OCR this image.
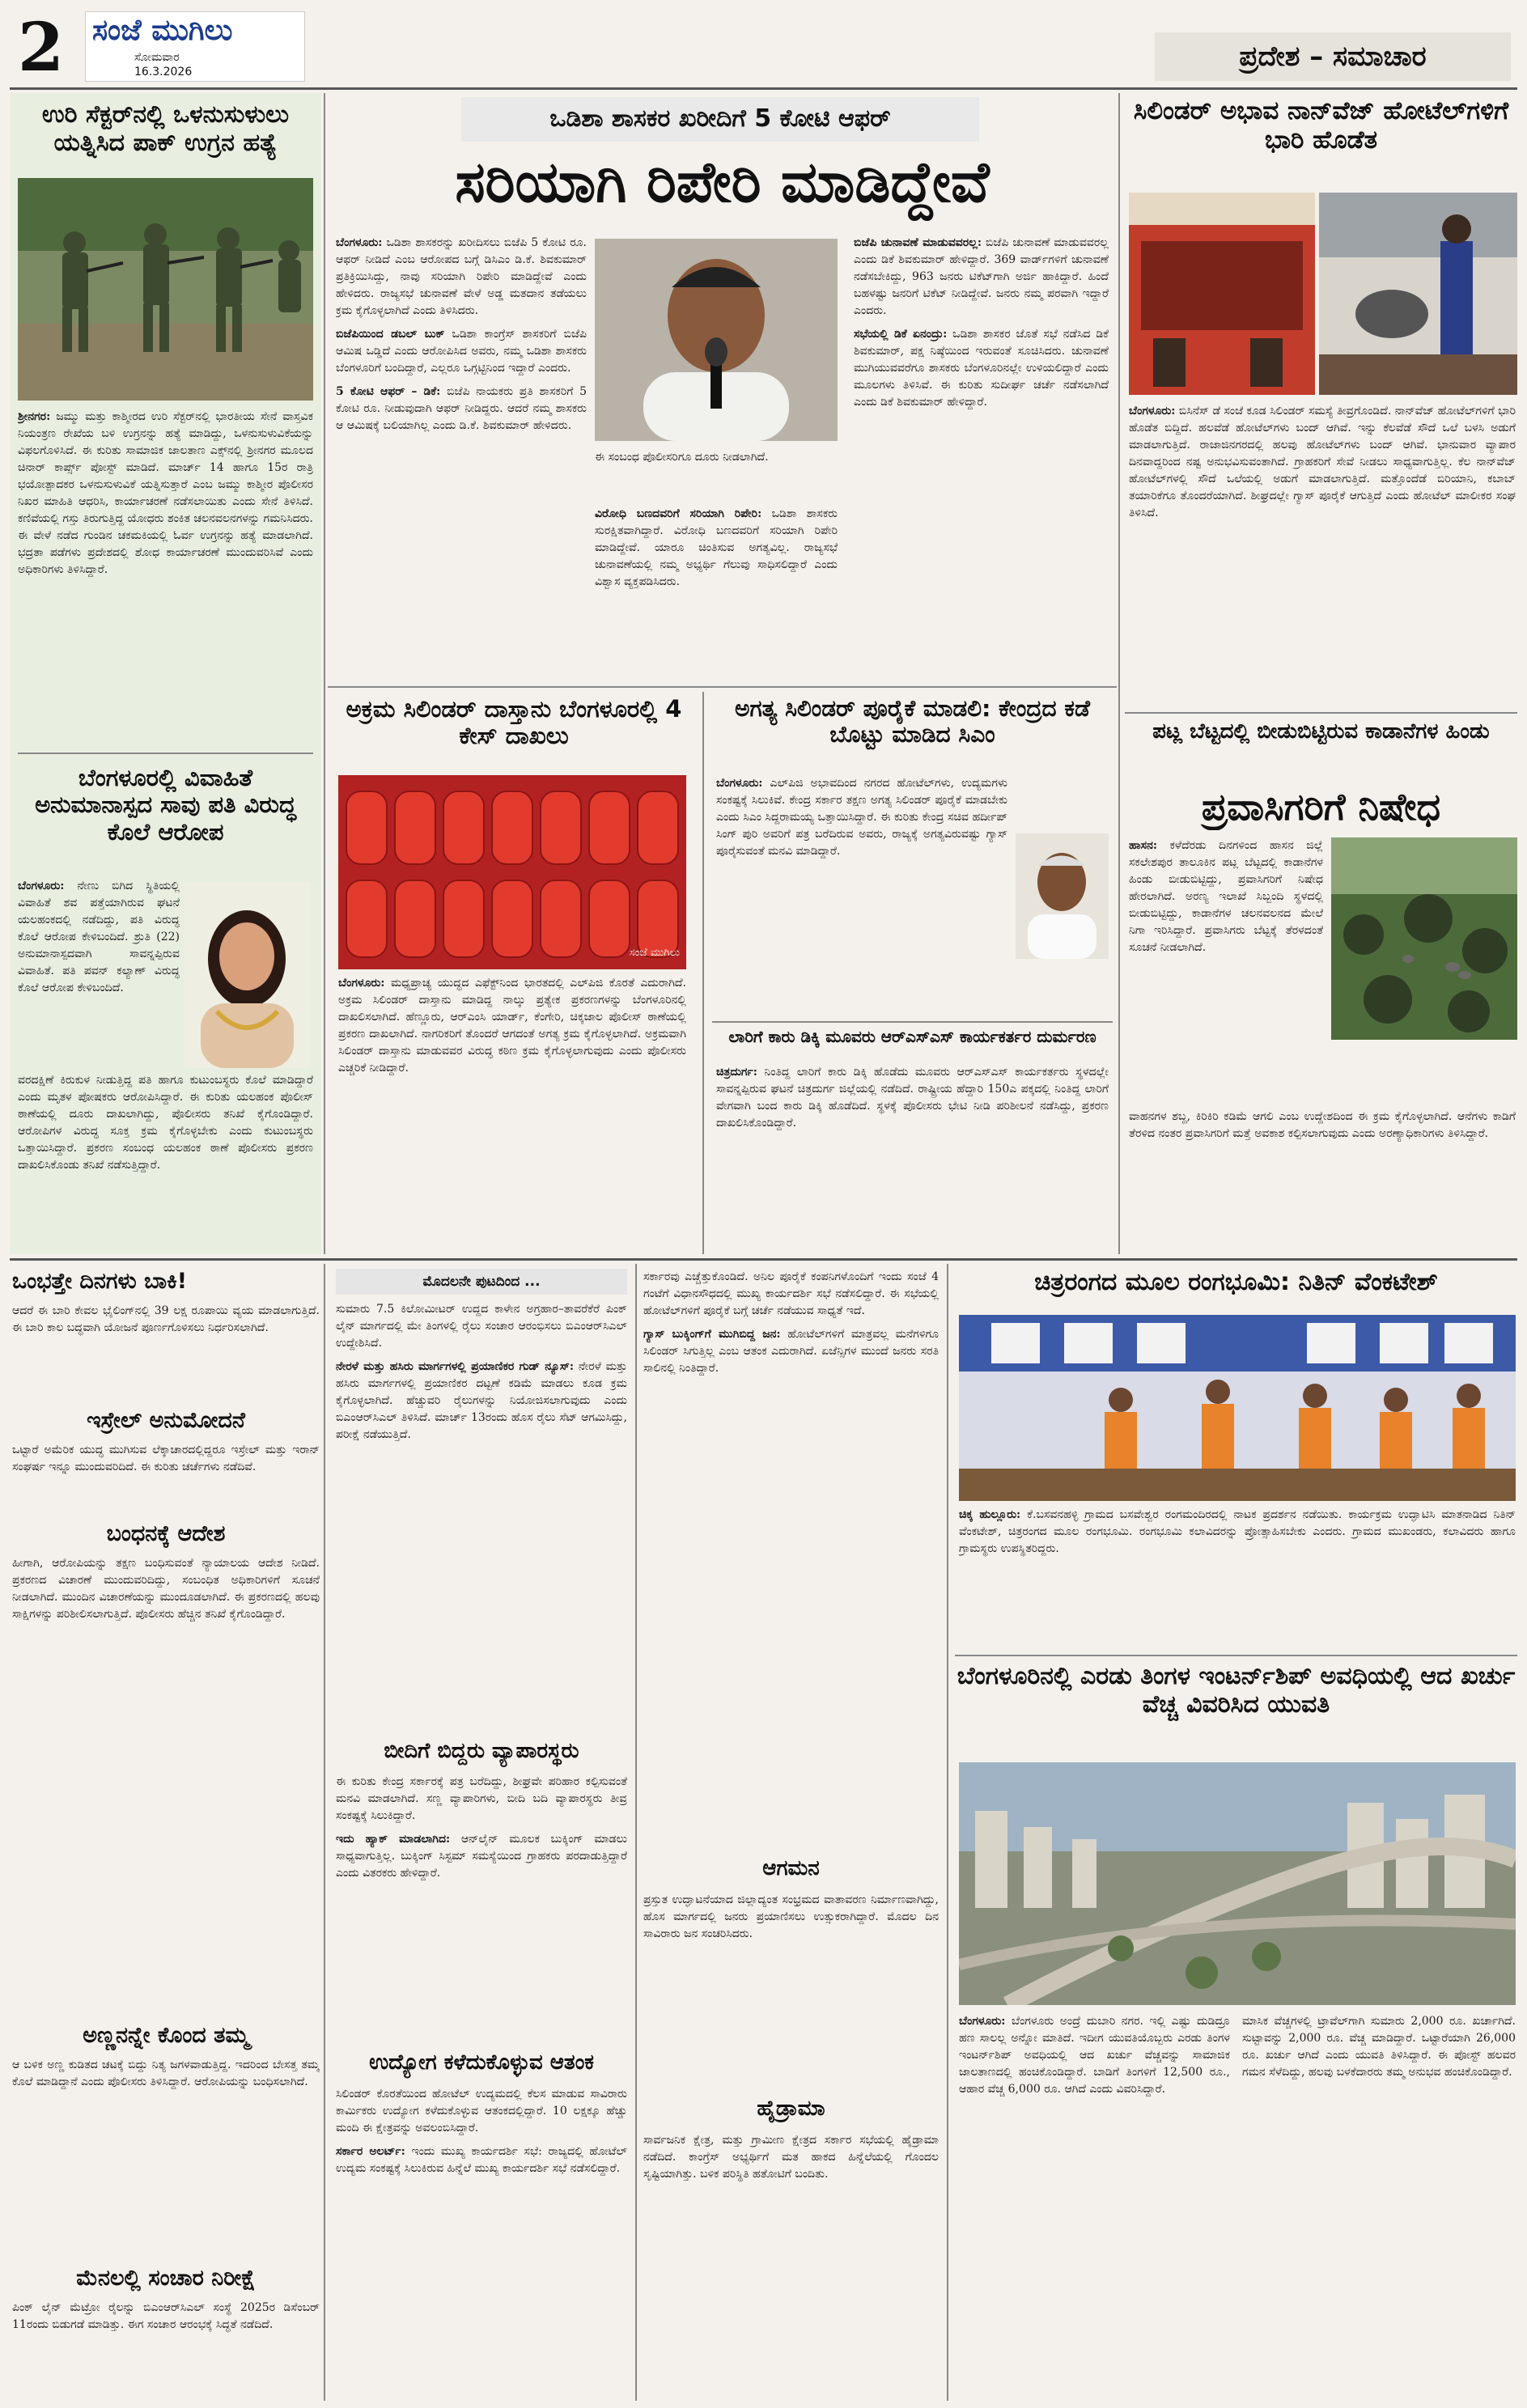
2 ಸಂಜೆ ಮುಗಿಲು
ಸೋಮವಾರ
16.3.2026	ಪ್ರದೇಶ – ಸಮಾಚಾರ
ಉರಿ ಸೆಕ್ಟರ್‌ನಲ್ಲಿ ಒಳನುಸುಳುಲು ಯತ್ನಿಸಿದ ಪಾಕ್ ಉಗ್ರನ ಹತ್ಯೆ
ಶ್ರೀನಗರ: ಜಮ್ಮು ಮತ್ತು ಕಾಶ್ಮೀರದ ಉರಿ ಸೆಕ್ಟರ್‌ನಲ್ಲಿ ಭಾರತೀಯ ಸೇನೆ ವಾಸ್ತವಿಕ ನಿಯಂತ್ರಣ ರೇಖೆಯ ಬಳಿ ಉಗ್ರನನ್ನು ಹತ್ಯೆ ಮಾಡಿದ್ದು, ಒಳನುಸುಳುವಿಕೆಯನ್ನು ವಿಫಲಗೊಳಿಸಿದೆ. ಈ ಕುರಿತು ಸಾಮಾಜಿಕ ಜಾಲತಾಣ ಎಕ್ಸ್‌ನಲ್ಲಿ ಶ್ರೀನಗರ ಮೂಲದ ಚಿನಾರ್ ಕಾರ್ಪ್ಸ್ ಪೋಸ್ಟ್ ಮಾಡಿದೆ. ಮಾರ್ಚ್ 14 ಹಾಗೂ 15ರ ರಾತ್ರಿ ಭಯೋತ್ಪಾದಕರ ಒಳನುಸುಳುವಿಕೆ ಯತ್ನಿಸುತ್ತಾರೆ ಎಂಬ ಜಮ್ಮು ಕಾಶ್ಮೀರ ಪೊಲೀಸರ ನಿಖರ ಮಾಹಿತಿ ಆಧರಿಸಿ, ಕಾರ್ಯಾಚರಣೆ ನಡೆಸಲಾಯಿತು ಎಂದು ಸೇನೆ ತಿಳಿಸಿದೆ. ಕಣಿವೆಯಲ್ಲಿ ಗಸ್ತು ತಿರುಗುತ್ತಿದ್ದ ಯೋಧರು ಶಂಕಿತ ಚಲನವಲನಗಳನ್ನು ಗಮನಿಸಿದರು. ಈ ವೇಳೆ ನಡೆದ ಗುಂಡಿನ ಚಕಮಕಿಯಲ್ಲಿ ಓರ್ವ ಉಗ್ರನನ್ನು ಹತ್ಯೆ ಮಾಡಲಾಗಿದೆ. ಭದ್ರತಾ ಪಡೆಗಳು ಪ್ರದೇಶದಲ್ಲಿ ಶೋಧ ಕಾರ್ಯಾಚರಣೆ ಮುಂದುವರಿಸಿವೆ ಎಂದು ಅಧಿಕಾರಿಗಳು ತಿಳಿಸಿದ್ದಾರೆ.
ಬೆಂಗಳೂರಲ್ಲಿ ವಿವಾಹಿತೆ ಅನುಮಾನಾಸ್ಪದ ಸಾವು ಪತಿ ವಿರುದ್ಧ ಕೊಲೆ ಆರೋಪ
ಬೆಂಗಳೂರು: ನೇಣು ಬಿಗಿದ ಸ್ಥಿತಿಯಲ್ಲಿ ವಿವಾಹಿತೆ ಶವ ಪತ್ತೆಯಾಗಿರುವ ಘಟನೆ ಯಲಹಂಕದಲ್ಲಿ ನಡೆದಿದ್ದು, ಪತಿ ವಿರುದ್ಧ ಕೊಲೆ ಆರೋಪ ಕೇಳಿಬಂದಿದೆ. ಶ್ರುತಿ (22) ಅನುಮಾನಾಸ್ಪದವಾಗಿ ಸಾವನ್ನಪ್ಪಿರುವ ವಿವಾಹಿತೆ. ಪತಿ ಪವನ್ ಕಲ್ಯಾಣ್ ವಿರುದ್ಧ ಕೊಲೆ ಆರೋಪ ಕೇಳಿಬಂದಿದೆ.
ವರದಕ್ಷಿಣೆ ಕಿರುಕುಳ ನೀಡುತ್ತಿದ್ದ ಪತಿ ಹಾಗೂ ಕುಟುಂಬಸ್ಥರು ಕೊಲೆ ಮಾಡಿದ್ದಾರೆ ಎಂದು ಮೃತಳ ಪೋಷಕರು ಆರೋಪಿಸಿದ್ದಾರೆ. ಈ ಕುರಿತು ಯಲಹಂಕ ಪೊಲೀಸ್ ಠಾಣೆಯಲ್ಲಿ ದೂರು ದಾಖಲಾಗಿದ್ದು, ಪೊಲೀಸರು ತನಿಖೆ ಕೈಗೊಂಡಿದ್ದಾರೆ. ಆರೋಪಿಗಳ ವಿರುದ್ಧ ಸೂಕ್ತ ಕ್ರಮ ಕೈಗೊಳ್ಳಬೇಕು ಎಂದು ಕುಟುಂಬಸ್ಥರು ಒತ್ತಾಯಿಸಿದ್ದಾರೆ. ಪ್ರಕರಣ ಸಂಬಂಧ ಯಲಹಂಕ ಠಾಣೆ ಪೊಲೀಸರು ಪ್ರಕರಣ ದಾಖಲಿಸಿಕೊಂಡು ತನಿಖೆ ನಡೆಸುತ್ತಿದ್ದಾರೆ.
ಒಡಿಶಾ ಶಾಸಕರ ಖರೀದಿಗೆ 5 ಕೋಟಿ ಆಫರ್
ಸರಿಯಾಗಿ ರಿಪೇರಿ ಮಾಡಿದ್ದೇವೆ

ಬೆಂಗಳೂರು: ಒಡಿಶಾ ಶಾಸಕರನ್ನು ಖರೀದಿಸಲು ಬಿಜೆಪಿ 5 ಕೋಟಿ ರೂ. ಆಫರ್ ನೀಡಿದೆ ಎಂಬ ಆರೋಪದ ಬಗ್ಗೆ ಡಿಸಿಎಂ ಡಿ.ಕೆ. ಶಿವಕುಮಾರ್ ಪ್ರತಿಕ್ರಿಯಿಸಿದ್ದು, ನಾವು ಸರಿಯಾಗಿ ರಿಪೇರಿ ಮಾಡಿದ್ದೇವೆ ಎಂದು ಹೇಳಿದರು. ರಾಜ್ಯಸಭೆ ಚುನಾವಣೆ ವೇಳೆ ಅಡ್ಡ ಮತದಾನ ತಡೆಯಲು ಕ್ರಮ ಕೈಗೊಳ್ಳಲಾಗಿದೆ ಎಂದು ತಿಳಿಸಿದರು.

ಬಿಜೆಪಿಯಿಂದ ಡಬಲ್ ಬುಕ್ ಒಡಿಶಾ ಕಾಂಗ್ರೆಸ್ ಶಾಸಕರಿಗೆ ಬಿಜೆಪಿ ಆಮಿಷ ಒಡ್ಡಿದೆ ಎಂದು ಆರೋಪಿಸಿದ ಅವರು, ನಮ್ಮ ಒಡಿಶಾ ಶಾಸಕರು ಬೆಂಗಳೂರಿಗೆ ಬಂದಿದ್ದಾರೆ, ಎಲ್ಲರೂ ಒಗ್ಗಟ್ಟಿನಿಂದ ಇದ್ದಾರೆ ಎಂದರು.

5 ಕೋಟಿ ಆಫರ್ – ಡಿಕೆ: ಬಿಜೆಪಿ ನಾಯಕರು ಪ್ರತಿ ಶಾಸಕರಿಗೆ 5 ಕೋಟಿ ರೂ. ನೀಡುವುದಾಗಿ ಆಫರ್ ನೀಡಿದ್ದರು. ಆದರೆ ನಮ್ಮ ಶಾಸಕರು ಆ ಆಮಿಷಕ್ಕೆ ಬಲಿಯಾಗಿಲ್ಲ ಎಂದು ಡಿ.ಕೆ. ಶಿವಕುಮಾರ್ ಹೇಳಿದರು.

ಈ ಸಂಬಂಧ ಪೊಲೀಸರಿಗೂ ದೂರು ನೀಡಲಾಗಿದೆ.
ವಿರೋಧಿ ಬಣದವರಿಗೆ ಸರಿಯಾಗಿ ರಿಪೇರಿ: ಒಡಿಶಾ ಶಾಸಕರು ಸುರಕ್ಷಿತವಾಗಿದ್ದಾರೆ. ವಿರೋಧಿ ಬಣದವರಿಗೆ ಸರಿಯಾಗಿ ರಿಪೇರಿ ಮಾಡಿದ್ದೇವೆ. ಯಾರೂ ಚಿಂತಿಸುವ ಅಗತ್ಯವಿಲ್ಲ. ರಾಜ್ಯಸಭೆ ಚುನಾವಣೆಯಲ್ಲಿ ನಮ್ಮ ಅಭ್ಯರ್ಥಿ ಗೆಲುವು ಸಾಧಿಸಲಿದ್ದಾರೆ ಎಂದು ವಿಶ್ವಾಸ ವ್ಯಕ್ತಪಡಿಸಿದರು.

ಬಿಜೆಪಿ ಚುನಾವಣೆ ಮಾಡುವವರಲ್ಲ: ಬಿಜೆಪಿ ಚುನಾವಣೆ ಮಾಡುವವರಲ್ಲ ಎಂದು ಡಿಕೆ ಶಿವಕುಮಾರ್ ಹೇಳಿದ್ದಾರೆ. 369 ವಾರ್ಡ್‌ಗಳಿಗೆ ಚುನಾವಣೆ ನಡೆಸಬೇಕಿದ್ದು, 963 ಜನರು ಟಿಕೆಟ್‌ಗಾಗಿ ಅರ್ಜಿ ಹಾಕಿದ್ದಾರೆ. ಹಿಂದೆ ಬಹಳಷ್ಟು ಜನರಿಗೆ ಟಿಕೆಟ್ ನೀಡಿದ್ದೇವೆ. ಜನರು ನಮ್ಮ ಪರವಾಗಿ ಇದ್ದಾರೆ ಎಂದರು.

ಸಭೆಯಲ್ಲಿ ಡಿಕೆ ಏನಂದ್ರು: ಒಡಿಶಾ ಶಾಸಕರ ಜೊತೆ ಸಭೆ ನಡೆಸಿದ ಡಿಕೆ ಶಿವಕುಮಾರ್, ಪಕ್ಷ ನಿಷ್ಠೆಯಿಂದ ಇರುವಂತೆ ಸೂಚಿಸಿದರು. ಚುನಾವಣೆ ಮುಗಿಯುವವರೆಗೂ ಶಾಸಕರು ಬೆಂಗಳೂರಿನಲ್ಲೇ ಉಳಿಯಲಿದ್ದಾರೆ ಎಂದು ಮೂಲಗಳು ತಿಳಿಸಿವೆ. ಈ ಕುರಿತು ಸುದೀರ್ಘ ಚರ್ಚೆ ನಡೆಸಲಾಗಿದೆ ಎಂದು ಡಿಕೆ ಶಿವಕುಮಾರ್ ಹೇಳಿದ್ದಾರೆ.

ಅಕ್ರಮ ಸಿಲಿಂಡರ್ ದಾಸ್ತಾನು ಬೆಂಗಳೂರಲ್ಲಿ 4 ಕೇಸ್ ದಾಖಲು
ಸಂಜೆ ಮುಗಿಲು
ಬೆಂಗಳೂರು: ಮಧ್ಯಪ್ರಾಚ್ಯ ಯುದ್ಧದ ಎಫೆಕ್ಟ್‌ನಿಂದ ಭಾರತದಲ್ಲಿ ಎಲ್‌ಪಿಜಿ ಕೊರತೆ ಎದುರಾಗಿದೆ. ಅಕ್ರಮ ಸಿಲಿಂಡರ್ ದಾಸ್ತಾನು ಮಾಡಿದ್ದ ನಾಲ್ಕು ಪ್ರತ್ಯೇಕ ಪ್ರಕರಣಗಳನ್ನು ಬೆಂಗಳೂರಿನಲ್ಲಿ ದಾಖಲಿಸಲಾಗಿದೆ. ಹೆಣ್ಣೂರು, ಆರ್‌ಎಂಸಿ ಯಾರ್ಡ್, ಕೆಂಗೇರಿ, ಚಿಕ್ಕಜಾಲ ಪೊಲೀಸ್ ಠಾಣೆಯಲ್ಲಿ ಪ್ರಕರಣ ದಾಖಲಾಗಿದೆ. ನಾಗರಿಕರಿಗೆ ತೊಂದರೆ ಆಗದಂತೆ ಅಗತ್ಯ ಕ್ರಮ ಕೈಗೊಳ್ಳಲಾಗಿದೆ. ಅಕ್ರಮವಾಗಿ ಸಿಲಿಂಡರ್ ದಾಸ್ತಾನು ಮಾಡುವವರ ವಿರುದ್ಧ ಕಠಿಣ ಕ್ರಮ ಕೈಗೊಳ್ಳಲಾಗುವುದು ಎಂದು ಪೊಲೀಸರು ಎಚ್ಚರಿಕೆ ನೀಡಿದ್ದಾರೆ.
ಅಗತ್ಯ ಸಿಲಿಂಡರ್ ಪೂರೈಕೆ ಮಾಡಲಿ: ಕೇಂದ್ರದ ಕಡೆ ಬೊಟ್ಟು ಮಾಡಿದ ಸಿಎಂ
ಬೆಂಗಳೂರು: ಎಲ್‌ಪಿಜಿ ಅಭಾವದಿಂದ ನಗರದ ಹೋಟೆಲ್‌ಗಳು, ಉದ್ಯಮಗಳು ಸಂಕಷ್ಟಕ್ಕೆ ಸಿಲುಕಿವೆ. ಕೇಂದ್ರ ಸರ್ಕಾರ ತಕ್ಷಣ ಅಗತ್ಯ ಸಿಲಿಂಡರ್ ಪೂರೈಕೆ ಮಾಡಬೇಕು ಎಂದು ಸಿಎಂ ಸಿದ್ದರಾಮಯ್ಯ ಒತ್ತಾಯಿಸಿದ್ದಾರೆ. ಈ ಕುರಿತು ಕೇಂದ್ರ ಸಚಿವ ಹರ್ದೀಪ್ ಸಿಂಗ್ ಪುರಿ ಅವರಿಗೆ ಪತ್ರ ಬರೆದಿರುವ ಅವರು, ರಾಜ್ಯಕ್ಕೆ ಅಗತ್ಯವಿರುವಷ್ಟು ಗ್ಯಾಸ್ ಪೂರೈಸುವಂತೆ ಮನವಿ ಮಾಡಿದ್ದಾರೆ.
ಲಾರಿಗೆ ಕಾರು ಡಿಕ್ಕಿ ಮೂವರು ಆರ್‌ಎಸ್‌ಎಸ್ ಕಾರ್ಯಕರ್ತರ ದುರ್ಮರಣ
ಚಿತ್ರದುರ್ಗ: ನಿಂತಿದ್ದ ಲಾರಿಗೆ ಕಾರು ಡಿಕ್ಕಿ ಹೊಡೆದು ಮೂವರು ಆರ್‌ಎಸ್‌ಎಸ್ ಕಾರ್ಯಕರ್ತರು ಸ್ಥಳದಲ್ಲೇ ಸಾವನ್ನಪ್ಪಿರುವ ಘಟನೆ ಚಿತ್ರದುರ್ಗ ಜಿಲ್ಲೆಯಲ್ಲಿ ನಡೆದಿದೆ. ರಾಷ್ಟ್ರೀಯ ಹೆದ್ದಾರಿ 150ಎ ಪಕ್ಕದಲ್ಲಿ ನಿಂತಿದ್ದ ಲಾರಿಗೆ ವೇಗವಾಗಿ ಬಂದ ಕಾರು ಡಿಕ್ಕಿ ಹೊಡೆದಿದೆ. ಸ್ಥಳಕ್ಕೆ ಪೊಲೀಸರು ಭೇಟಿ ನೀಡಿ ಪರಿಶೀಲನೆ ನಡೆಸಿದ್ದು, ಪ್ರಕರಣ ದಾಖಲಿಸಿಕೊಂಡಿದ್ದಾರೆ.
ಸಿಲಿಂಡರ್ ಅಭಾವ ನಾನ್‌ವೆಜ್ ಹೋಟೆಲ್‌ಗಳಿಗೆ ಭಾರಿ ಹೊಡೆತ
ಬೆಂಗಳೂರು: ಬಿಸಿನೆಸ್ ಡೆ ಸಂಜೆ ಕೂಡ ಸಿಲಿಂಡರ್ ಸಮಸ್ಯೆ ತೀವ್ರಗೊಂಡಿದೆ. ನಾನ್‌ವೆಜ್ ಹೋಟೆಲ್‌ಗಳಿಗೆ ಭಾರಿ ಹೊಡೆತ ಬಿದ್ದಿದೆ. ಹಲವೆಡೆ ಹೋಟೆಲ್‌ಗಳು ಬಂದ್ ಆಗಿವೆ. ಇನ್ನು ಕೆಲವೆಡೆ ಸೌದೆ ಒಲೆ ಬಳಸಿ ಅಡುಗೆ ಮಾಡಲಾಗುತ್ತಿದೆ. ರಾಜಾಜಿನಗರದಲ್ಲಿ ಹಲವು ಹೋಟೆಲ್‌ಗಳು ಬಂದ್ ಆಗಿವೆ. ಭಾನುವಾರ ವ್ಯಾಪಾರ ದಿನವಾದ್ದರಿಂದ ನಷ್ಟ ಅನುಭವಿಸುವಂತಾಗಿದೆ. ಗ್ರಾಹಕರಿಗೆ ಸೇವೆ ನೀಡಲು ಸಾಧ್ಯವಾಗುತ್ತಿಲ್ಲ. ಕೆಲ ನಾನ್‌ವೆಜ್ ಹೋಟೆಲ್‌ಗಳಲ್ಲಿ ಸೌದೆ ಒಲೆಯಲ್ಲಿ ಅಡುಗೆ ಮಾಡಲಾಗುತ್ತಿದೆ. ಮತ್ತೊಂದೆಡೆ ಬಿರಿಯಾನಿ, ಕಬಾಬ್ ತಯಾರಿಕೆಗೂ ತೊಂದರೆಯಾಗಿದೆ. ಶೀಘ್ರದಲ್ಲೇ ಗ್ಯಾಸ್ ಪೂರೈಕೆ ಆಗುತ್ತಿದೆ ಎಂದು ಹೋಟೆಲ್ ಮಾಲೀಕರ ಸಂಘ ತಿಳಿಸಿದೆ.
ಪಟ್ಲ ಬೆಟ್ಟದಲ್ಲಿ ಬೀಡುಬಿಟ್ಟಿರುವ ಕಾಡಾನೆಗಳ ಹಿಂಡು
ಪ್ರವಾಸಿಗರಿಗೆ ನಿಷೇಧ
ಹಾಸನ: ಕಳೆದೆರಡು ದಿನಗಳಿಂದ ಹಾಸನ ಜಿಲ್ಲೆ ಸಕಲೇಶಪುರ ತಾಲೂಕಿನ ಪಟ್ಲ ಬೆಟ್ಟದಲ್ಲಿ ಕಾಡಾನೆಗಳ ಹಿಂಡು ಬೀಡುಬಿಟ್ಟಿದ್ದು, ಪ್ರವಾಸಿಗರಿಗೆ ನಿಷೇಧ ಹೇರಲಾಗಿದೆ. ಅರಣ್ಯ ಇಲಾಖೆ ಸಿಬ್ಬಂದಿ ಸ್ಥಳದಲ್ಲಿ ಬೀಡುಬಿಟ್ಟಿದ್ದು, ಕಾಡಾನೆಗಳ ಚಲನವಲನದ ಮೇಲೆ ನಿಗಾ ಇರಿಸಿದ್ದಾರೆ. ಪ್ರವಾಸಿಗರು ಬೆಟ್ಟಕ್ಕೆ ತೆರಳದಂತೆ ಸೂಚನೆ ನೀಡಲಾಗಿದೆ.
ವಾಹನಗಳ ಶಬ್ದ, ಕಿರಿಕಿರಿ ಕಡಿಮೆ ಆಗಲಿ ಎಂಬ ಉದ್ದೇಶದಿಂದ ಈ ಕ್ರಮ ಕೈಗೊಳ್ಳಲಾಗಿದೆ. ಆನೆಗಳು ಕಾಡಿಗೆ ತೆರಳಿದ ನಂತರ ಪ್ರವಾಸಿಗರಿಗೆ ಮತ್ತೆ ಅವಕಾಶ ಕಲ್ಪಿಸಲಾಗುವುದು ಎಂದು ಅರಣ್ಯಾಧಿಕಾರಿಗಳು ತಿಳಿಸಿದ್ದಾರೆ.
ಒಂಭತ್ತೇ ದಿನಗಳು ಬಾಕಿ!
ಆದರೆ ಈ ಬಾರಿ ಕೇವಲ ಭೈಲಿಂಗ್‌ನಲ್ಲಿ 39 ಲಕ್ಷ ರೂಪಾಯಿ ವ್ಯಯ ಮಾಡಲಾಗುತ್ತಿದೆ. ಈ ಬಾರಿ ಕಾಲ ಬದ್ಧವಾಗಿ ಯೋಜನೆ ಪೂರ್ಣಗೊಳಿಸಲು ನಿರ್ಧರಿಸಲಾಗಿದೆ.
ಇಸ್ರೇಲ್ ಅನುಮೋದನೆ
ಒಟ್ಟಾರೆ ಅಮೆರಿಕ ಯುದ್ಧ ಮುಗಿಸುವ ಲೆಕ್ಕಾಚಾರದಲ್ಲಿದ್ದರೂ ಇಸ್ರೇಲ್ ಮತ್ತು ಇರಾನ್ ಸಂಘರ್ಷ ಇನ್ನೂ ಮುಂದುವರಿದಿದೆ. ಈ ಕುರಿತು ಚರ್ಚೆಗಳು ನಡೆದಿವೆ.
ಬಂಧನಕ್ಕೆ ಆದೇಶ
ಹೀಗಾಗಿ, ಆರೋಪಿಯನ್ನು ತಕ್ಷಣ ಬಂಧಿಸುವಂತೆ ನ್ಯಾಯಾಲಯ ಆದೇಶ ನೀಡಿದೆ. ಪ್ರಕರಣದ ವಿಚಾರಣೆ ಮುಂದುವರಿದಿದ್ದು, ಸಂಬಂಧಿತ ಅಧಿಕಾರಿಗಳಿಗೆ ಸೂಚನೆ ನೀಡಲಾಗಿದೆ. ಮುಂದಿನ ವಿಚಾರಣೆಯನ್ನು ಮುಂದೂಡಲಾಗಿದೆ. ಈ ಪ್ರಕರಣದಲ್ಲಿ ಹಲವು ಸಾಕ್ಷಿಗಳನ್ನು ಪರಿಶೀಲಿಸಲಾಗುತ್ತಿದೆ. ಪೊಲೀಸರು ಹೆಚ್ಚಿನ ತನಿಖೆ ಕೈಗೊಂಡಿದ್ದಾರೆ.
ಅಣ್ಣನನ್ನೇ ಕೊಂದ ತಮ್ಮ
ಆ ಬಳಿಕ ಅಣ್ಣ ಕುಡಿತದ ಚಟಕ್ಕೆ ಬಿದ್ದು ನಿತ್ಯ ಜಗಳವಾಡುತ್ತಿದ್ದ. ಇದರಿಂದ ಬೇಸತ್ತ ತಮ್ಮ ಕೊಲೆ ಮಾಡಿದ್ದಾನೆ ಎಂದು ಪೊಲೀಸರು ತಿಳಿಸಿದ್ದಾರೆ. ಆರೋಪಿಯನ್ನು ಬಂಧಿಸಲಾಗಿದೆ.
ಮೆನಲಲ್ಲಿ ಸಂಚಾರ ನಿರೀಕ್ಷೆ
ಪಿಂಕ್ ಲೈನ್ ಮೆಟ್ರೋ ರೈಲನ್ನು ಬಿಎಂಆರ್‌ಸಿಎಲ್ ಸಂಸ್ಥೆ 2025ರ ಡಿಸೆಂಬರ್ 11ರಂದು ಬಿಡುಗಡೆ ಮಾಡಿತ್ತು. ಈಗ ಸಂಚಾರ ಆರಂಭಕ್ಕೆ ಸಿದ್ಧತೆ ನಡೆದಿದೆ.
ಮೊದಲನೇ ಪುಟದಿಂದ ...

ಸುಮಾರು 7.5 ಕಿಲೋಮೀಟರ್ ಉದ್ದದ ಕಾಳೇನ ಅಗ್ರಹಾರ–ತಾವರೆಕೆರೆ ಪಿಂಕ್ ಲೈನ್ ಮಾರ್ಗದಲ್ಲಿ ಮೇ ತಿಂಗಳಲ್ಲಿ ರೈಲು ಸಂಚಾರ ಆರಂಭಿಸಲು ಬಿಎಂಆರ್‌ಸಿಎಲ್ ಉದ್ದೇಶಿಸಿದೆ.

ನೇರಳೆ ಮತ್ತು ಹಸಿರು ಮಾರ್ಗಗಳಲ್ಲಿ ಪ್ರಯಾಣಿಕರ ಗುಡ್ ನ್ಯೂಸ್: ನೇರಳೆ ಮತ್ತು ಹಸಿರು ಮಾರ್ಗಗಳಲ್ಲಿ ಪ್ರಯಾಣಿಕರ ದಟ್ಟಣೆ ಕಡಿಮೆ ಮಾಡಲು ಕೂಡ ಕ್ರಮ ಕೈಗೊಳ್ಳಲಾಗಿದೆ. ಹೆಚ್ಚುವರಿ ರೈಲುಗಳನ್ನು ನಿಯೋಜಿಸಲಾಗುವುದು ಎಂದು ಬಿಎಂಆರ್‌ಸಿಎಲ್ ತಿಳಿಸಿದೆ. ಮಾರ್ಚ್ 13ರಂದು ಹೊಸ ರೈಲು ಸೆಟ್ ಆಗಮಿಸಿದ್ದು, ಪರೀಕ್ಷೆ ನಡೆಯುತ್ತಿದೆ.

ಬೀದಿಗೆ ಬಿದ್ದರು ವ್ಯಾಪಾರಸ್ಥರು

ಈ ಕುರಿತು ಕೇಂದ್ರ ಸರ್ಕಾರಕ್ಕೆ ಪತ್ರ ಬರೆದಿದ್ದು, ಶೀಘ್ರವೇ ಪರಿಹಾರ ಕಲ್ಪಿಸುವಂತೆ ಮನವಿ ಮಾಡಲಾಗಿದೆ. ಸಣ್ಣ ವ್ಯಾಪಾರಿಗಳು, ಬೀದಿ ಬದಿ ವ್ಯಾಪಾರಸ್ಥರು ತೀವ್ರ ಸಂಕಷ್ಟಕ್ಕೆ ಸಿಲುಕಿದ್ದಾರೆ.

ಇದು ಹ್ಯಾಕ್ ಮಾಡಲಾಗಿದ: ಆನ್‌ಲೈನ್ ಮೂಲಕ ಬುಕ್ಕಿಂಗ್ ಮಾಡಲು ಸಾಧ್ಯವಾಗುತ್ತಿಲ್ಲ. ಬುಕ್ಕಿಂಗ್ ಸಿಸ್ಟಮ್ ಸಮಸ್ಯೆಯಿಂದ ಗ್ರಾಹಕರು ಪರದಾಡುತ್ತಿದ್ದಾರೆ ಎಂದು ವಿತರಕರು ಹೇಳಿದ್ದಾರೆ.

ಉದ್ಯೋಗ ಕಳೆದುಕೊಳ್ಳುವ ಆತಂಕ

ಸಿಲಿಂಡರ್ ಕೊರತೆಯಿಂದ ಹೋಟೆಲ್ ಉದ್ಯಮದಲ್ಲಿ ಕೆಲಸ ಮಾಡುವ ಸಾವಿರಾರು ಕಾರ್ಮಿಕರು ಉದ್ಯೋಗ ಕಳೆದುಕೊಳ್ಳುವ ಆತಂಕದಲ್ಲಿದ್ದಾರೆ. 10 ಲಕ್ಷಕ್ಕೂ ಹೆಚ್ಚು ಮಂದಿ ಈ ಕ್ಷೇತ್ರವನ್ನು ಅವಲಂಬಿಸಿದ್ದಾರೆ.

ಸರ್ಕಾರ ಅಲರ್ಟ್: ಇಂದು ಮುಖ್ಯ ಕಾರ್ಯದರ್ಶಿ ಸಭೆ: ರಾಜ್ಯದಲ್ಲಿ ಹೋಟೆಲ್ ಉದ್ಯಮ ಸಂಕಷ್ಟಕ್ಕೆ ಸಿಲುಕಿರುವ ಹಿನ್ನೆಲೆ ಮುಖ್ಯ ಕಾರ್ಯದರ್ಶಿ ಸಭೆ ನಡೆಸಲಿದ್ದಾರೆ.

ಸರ್ಕಾರವು ಎಚ್ಚೆತ್ತುಕೊಂಡಿದೆ. ಅನಿಲ ಪೂರೈಕೆ ಕಂಪನಿಗಳೊಂದಿಗೆ ಇಂದು ಸಂಜೆ 4 ಗಂಟೆಗೆ ವಿಧಾನಸೌಧದಲ್ಲಿ ಮುಖ್ಯ ಕಾರ್ಯದರ್ಶಿ ಸಭೆ ನಡೆಸಲಿದ್ದಾರೆ. ಈ ಸಭೆಯಲ್ಲಿ ಹೋಟೆಲ್‌ಗಳಿಗೆ ಪೂರೈಕೆ ಬಗ್ಗೆ ಚರ್ಚೆ ನಡೆಯುವ ಸಾಧ್ಯತೆ ಇದೆ.

ಗ್ಯಾಸ್ ಬುಕ್ಕಿಂಗ್‌ಗೆ ಮುಗಿಬಿದ್ದ ಜನ: ಹೋಟೆಲ್‌ಗಳಿಗೆ ಮಾತ್ರವಲ್ಲ ಮನೆಗಳಿಗೂ ಸಿಲಿಂಡರ್ ಸಿಗುತ್ತಿಲ್ಲ ಎಂಬ ಆತಂಕ ಎದುರಾಗಿದೆ. ಏಜೆನ್ಸಿಗಳ ಮುಂದೆ ಜನರು ಸರತಿ ಸಾಲಿನಲ್ಲಿ ನಿಂತಿದ್ದಾರೆ.

ಆಗಮನ
ಪ್ರಸ್ತುತ ಉದ್ಘಾಟನೆಯಾದ ಜಿಲ್ಲಾದ್ಯಂತ ಸಂಭ್ರಮದ ವಾತಾವರಣ ನಿರ್ಮಾಣವಾಗಿದ್ದು, ಹೊಸ ಮಾರ್ಗದಲ್ಲಿ ಜನರು ಪ್ರಯಾಣಿಸಲು ಉತ್ಸುಕರಾಗಿದ್ದಾರೆ. ಮೊದಲ ದಿನ ಸಾವಿರಾರು ಜನ ಸಂಚರಿಸಿದರು.
ಹೈಡ್ರಾಮಾ
ಸಾರ್ವಜನಿಕ ಕ್ಷೇತ್ರ, ಮತ್ತು ಗ್ರಾಮೀಣ ಕ್ಷೇತ್ರದ ಸರ್ಕಾರ ಸಭೆಯಲ್ಲಿ ಹೈಡ್ರಾಮಾ ನಡೆದಿದೆ. ಕಾಂಗ್ರೆಸ್ ಅಭ್ಯರ್ಥಿಗೆ ಮತ ಹಾಕದ ಹಿನ್ನೆಲೆಯಲ್ಲಿ ಗೊಂದಲ ಸೃಷ್ಟಿಯಾಗಿತ್ತು. ಬಳಿಕ ಪರಿಸ್ಥಿತಿ ಹತೋಟಿಗೆ ಬಂದಿತು.
ಚಿತ್ರರಂಗದ ಮೂಲ ರಂಗಭೂಮಿ: ನಿತಿನ್ ವೆಂಕಟೇಶ್
ಚಿಕ್ಕ ಹುಲ್ಲೂರು: ಕೆ.ಬಸವನಹಳ್ಳಿ ಗ್ರಾಮದ ಬಸವೇಶ್ವರ ರಂಗಮಂದಿರದಲ್ಲಿ ನಾಟಕ ಪ್ರದರ್ಶನ ನಡೆಯಿತು. ಕಾರ್ಯಕ್ರಮ ಉದ್ಘಾಟಿಸಿ ಮಾತನಾಡಿದ ನಿತಿನ್ ವೆಂಕಟೇಶ್, ಚಿತ್ರರಂಗದ ಮೂಲ ರಂಗಭೂಮಿ. ರಂಗಭೂಮಿ ಕಲಾವಿದರನ್ನು ಪ್ರೋತ್ಸಾಹಿಸಬೇಕು ಎಂದರು. ಗ್ರಾಮದ ಮುಖಂಡರು, ಕಲಾವಿದರು ಹಾಗೂ ಗ್ರಾಮಸ್ಥರು ಉಪಸ್ಥಿತರಿದ್ದರು.
ಬೆಂಗಳೂರಿನಲ್ಲಿ ಎರಡು ತಿಂಗಳ ಇಂಟರ್ನ್‌ಶಿಪ್ ಅವಧಿಯಲ್ಲಿ ಆದ ಖರ್ಚು ವೆಚ್ಚ ವಿವರಿಸಿದ ಯುವತಿ
ಬೆಂಗಳೂರು: ಬೆಂಗಳೂರು ಅಂದ್ರೆ ದುಬಾರಿ ನಗರ. ಇಲ್ಲಿ ಎಷ್ಟು ದುಡಿದ್ರೂ ಹಣ ಸಾಲಲ್ಲ ಅನ್ನೋ ಮಾತಿದೆ. ಇದೀಗ ಯುವತಿಯೊಬ್ಬರು ಎರಡು ತಿಂಗಳ ಇಂಟರ್ನ್‌ಶಿಪ್ ಅವಧಿಯಲ್ಲಿ ಆದ ಖರ್ಚು ವೆಚ್ಚವನ್ನು ಸಾಮಾಜಿಕ ಜಾಲತಾಣದಲ್ಲಿ ಹಂಚಿಕೊಂಡಿದ್ದಾರೆ. ಬಾಡಿಗೆ ತಿಂಗಳಿಗೆ 12,500 ರೂ., ಆಹಾರ ವೆಚ್ಚ 6,000 ರೂ. ಆಗಿದೆ ಎಂದು ವಿವರಿಸಿದ್ದಾರೆ.
ಮಾಸಿಕ ವೆಚ್ಚಗಳಲ್ಲಿ ಟ್ರಾವೆಲ್‌ಗಾಗಿ ಸುಮಾರು 2,000 ರೂ. ಖರ್ಚಾಗಿದೆ. ಸುಟ್ಟಾವನ್ನು 2,000 ರೂ. ವೆಚ್ಚ ಮಾಡಿದ್ದಾರೆ. ಒಟ್ಟಾರೆಯಾಗಿ 26,000 ರೂ. ಖರ್ಚು ಆಗಿದೆ ಎಂದು ಯುವತಿ ತಿಳಿಸಿದ್ದಾರೆ. ಈ ಪೋಸ್ಟ್ ಹಲವರ ಗಮನ ಸೆಳೆದಿದ್ದು, ಹಲವು ಬಳಕೆದಾರರು ತಮ್ಮ ಅನುಭವ ಹಂಚಿಕೊಂಡಿದ್ದಾರೆ.
